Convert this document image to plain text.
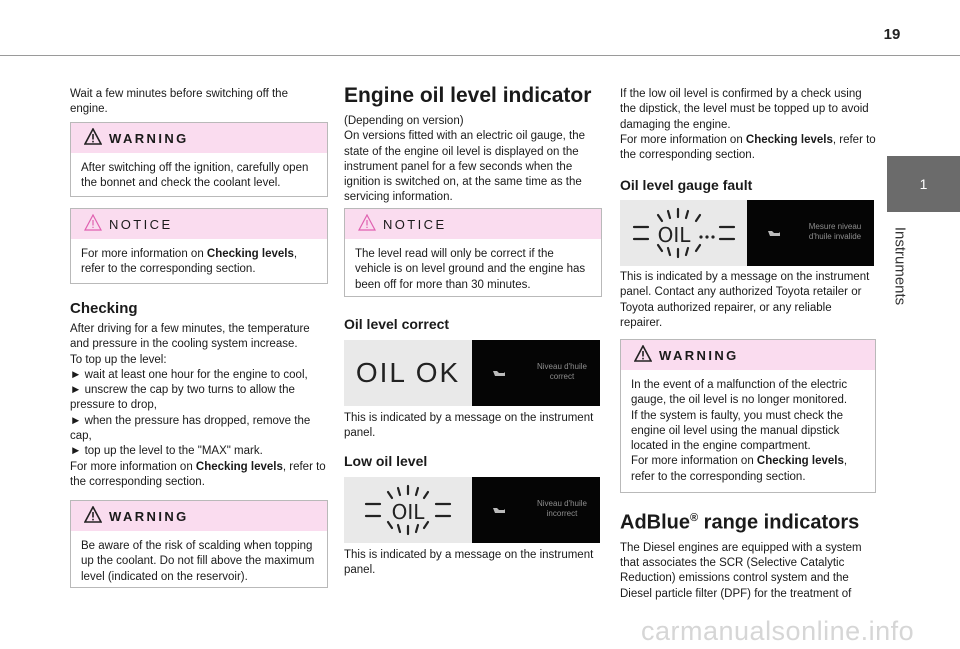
19
1
Instruments

Wait a few minutes before switching off the engine.

WARNING

After switching off the ignition, carefully open the bonnet and check the coolant level.

NOTICE

For more information on Checking levels, refer to the corresponding section.

Checking

After driving for a few minutes, the temperature and pressure in the cooling system increase.

To top up the level:

► wait at least one hour for the engine to cool,

► unscrew the cap by two turns to allow the pressure to drop,

► when the pressure has dropped, remove the cap,

► top up the level to the "MAX" mark.

For more information on Checking levels, refer to the corresponding section.

WARNING

Be aware of the risk of scalding when topping up the coolant. Do not fill above the maximum level (indicated on the reservoir).

Engine oil level indicator

(Depending on version)

On versions fitted with an electric oil gauge, the state of the engine oil level is displayed on the instrument panel for a few seconds when the ignition is switched on, at the same time as the servicing information.

NOTICE

The level read will only be correct if the vehicle is on level ground and the engine has been off for more than 30 minutes.

Oil level correct
OIL OK	Niveau d'huile correct

This is indicated by a message on the instrument panel.

Low oil level
OIL	Niveau d'huile incorrect

This is indicated by a message on the instrument panel.

If the low oil level is confirmed by a check using the dipstick, the level must be topped up to avoid damaging the engine.

For more information on Checking levels, refer to the corresponding section.

Oil level gauge fault
OIL	Mesure niveau d'huile invalide

This is indicated by a message on the instrument panel. Contact any authorized Toyota retailer or Toyota authorized repairer, or any reliable repairer.

WARNING

In the event of a malfunction of the electric gauge, the oil level is no longer monitored.

If the system is faulty, you must check the engine oil level using the manual dipstick located in the engine compartment.

For more information on Checking levels, refer to the corresponding section.

AdBlue® range indicators

The Diesel engines are equipped with a system that associates the SCR (Selective Catalytic Reduction) emissions control system and the Diesel particle filter (DPF) for the treatment of

carmanualsonline.info
